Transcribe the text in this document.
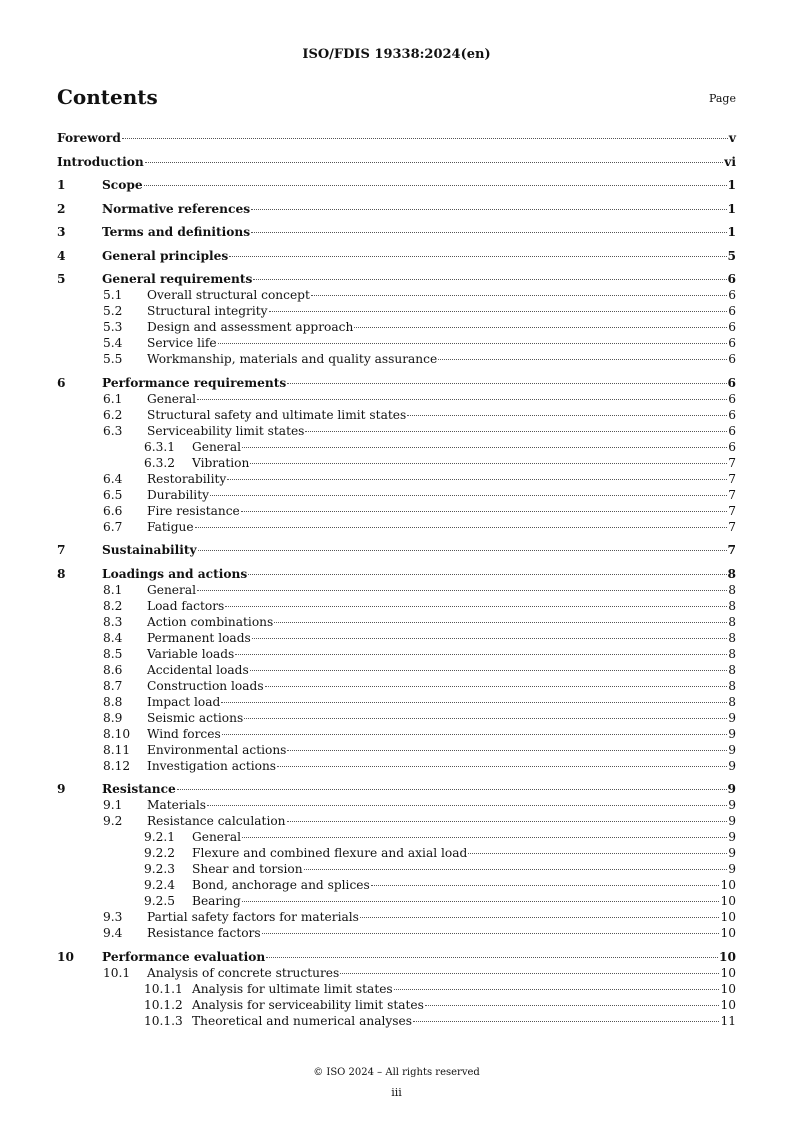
ISO/FDIS 19338:2024(en)
Contents	Page
Foreword	v
Introduction	vi
1	Scope	1
2	Normative references	1
3	Terms and definitions	1
4	General principles	5
5	General requirements	6
5.1	Overall structural concept	6
5.2	Structural integrity	6
5.3	Design and assessment approach	6
5.4	Service life	6
5.5	Workmanship, materials and quality assurance	6
6	Performance requirements	6
6.1	General	6
6.2	Structural safety and ultimate limit states	6
6.3	Serviceability limit states	6
6.3.1	General	6
6.3.2	Vibration	7
6.4	Restorability	7
6.5	Durability	7
6.6	Fire resistance	7
6.7	Fatigue	7
7	Sustainability	7
8	Loadings and actions	8
8.1	General	8
8.2	Load factors	8
8.3	Action combinations	8
8.4	Permanent loads	8
8.5	Variable loads	8
8.6	Accidental loads	8
8.7	Construction loads	8
8.8	Impact load	8
8.9	Seismic actions	9
8.10	Wind forces	9
8.11	Environmental actions	9
8.12	Investigation actions	9
9	Resistance	9
9.1	Materials	9
9.2	Resistance calculation	9
9.2.1	General	9
9.2.2	Flexure and combined flexure and axial load	9
9.2.3	Shear and torsion	9
9.2.4	Bond, anchorage and splices	10
9.2.5	Bearing	10
9.3	Partial safety factors for materials	10
9.4	Resistance factors	10
10	Performance evaluation	10
10.1	Analysis of concrete structures	10
10.1.1 Analysis for ultimate limit states	10
10.1.2 Analysis for serviceability limit states	10
10.1.3 Theoretical and numerical analyses	11
© ISO 2024 – All rights reserved
iii
